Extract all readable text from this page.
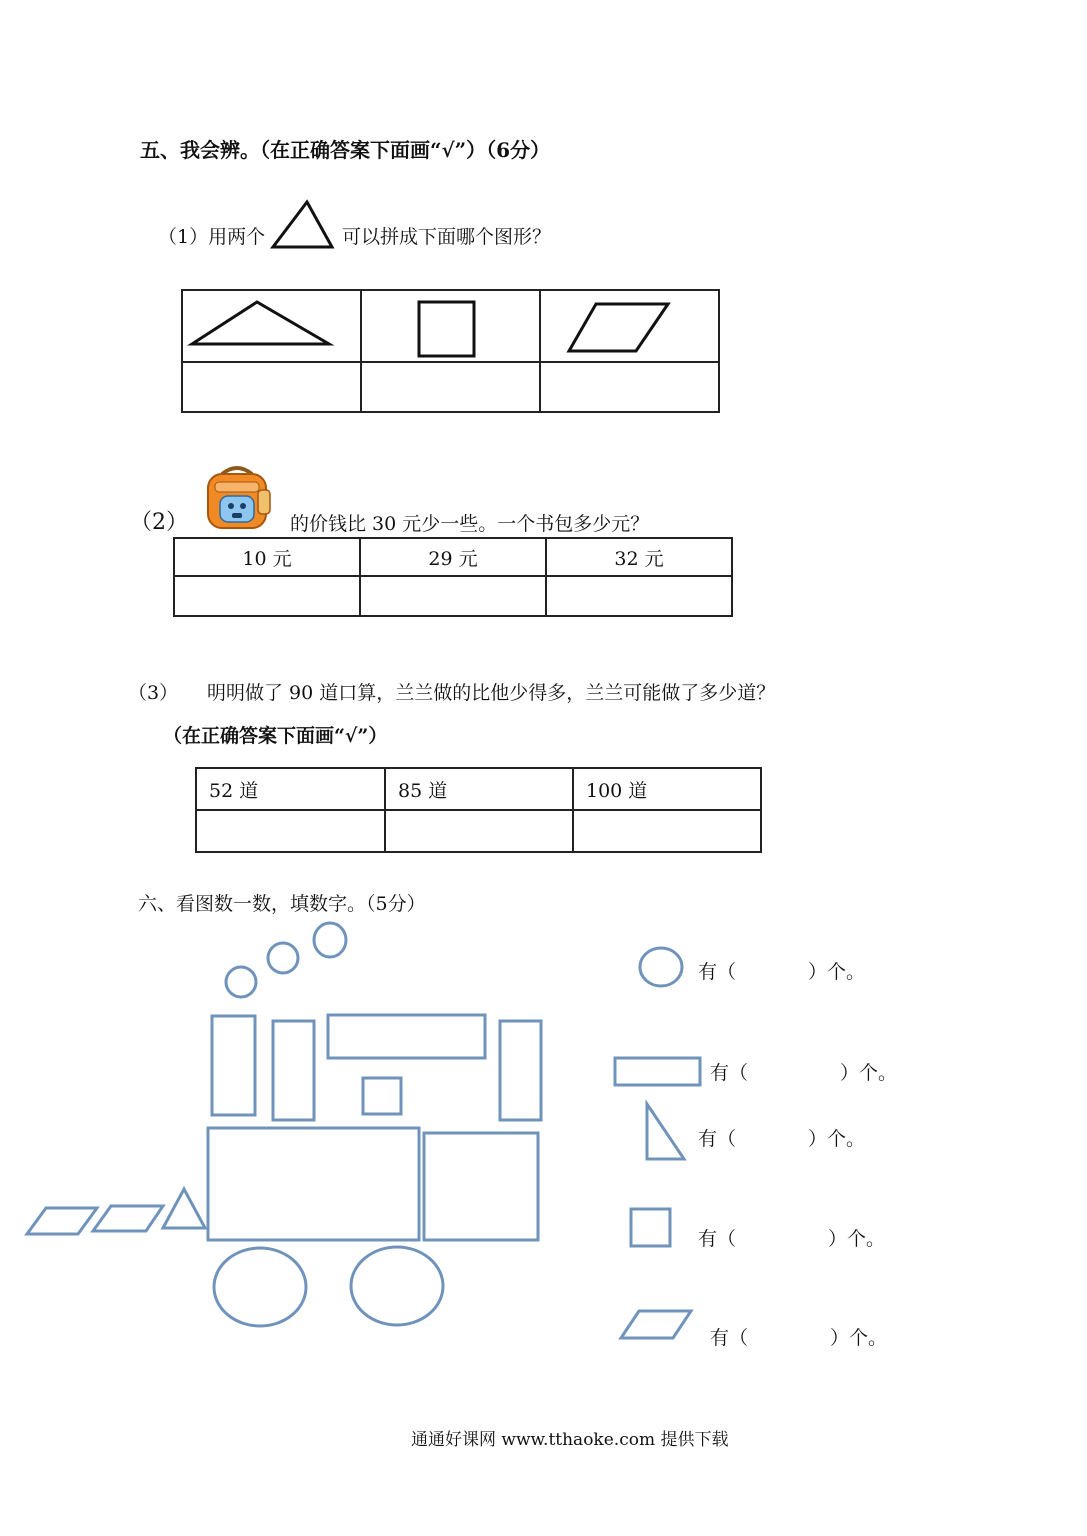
五、我会辨。（在正确答案下面画“√”）（6分）
（1）用两个	可以拼成下面哪个图形？

（2）	的价钱比 30 元少一些。一个书包多少元？
10 元	29 元	32 元

（3） 明明做了 90 道口算，兰兰做的比他少得多，兰兰可能做了多少道？
（在正确答案下面画“√”）
52 道	85 道	100 道

六、看图数一数，填数字。（5分）
有（	）个。
有（	）个。
有（	）个。
有（	）个。
有（	）个。
通通好课网 www.tthaoke.com 提供下载
